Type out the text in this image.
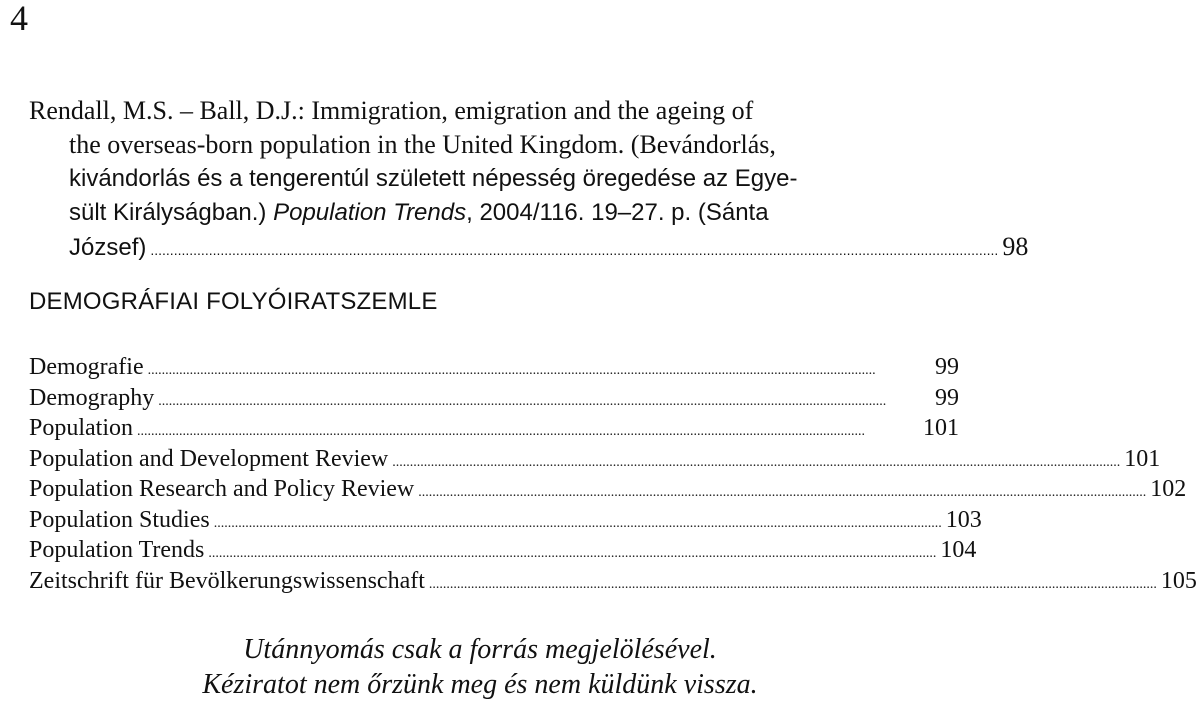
4
Rendall, M.S. – Ball, D.J.: Immigration, emigration and the ageing of
the overseas-born population in the United Kingdom. (Bevándorlás,
kivándorlás és a tengerentúl született népesség öregedése az Egye-
sült Királyságban.) Population Trends, 2004/116. 19–27. p. (Sánta
József) .......................................................................................................................................................................................................................... 98
DEMOGRÁFIAI FOLYÓIRATSZEMLE
Demografie ................................................................................................................................................................................................................	99
Demography ................................................................................................................................................................................................................	99
Population ................................................................................................................................................................................................................	101
Population and Development Review ................................................................................................................................................................................................................ 101
Population Research and Policy Review ................................................................................................................................................................................................................ 102
Population Studies ................................................................................................................................................................................................................ 103
Population Trends ................................................................................................................................................................................................................ 104
Zeitschrift für Bevölkerungswissenschaft ................................................................................................................................................................................................................ 105
Utánnyomás csak a forrás megjelölésével.
Kéziratot nem őrzünk meg és nem küldünk vissza.
